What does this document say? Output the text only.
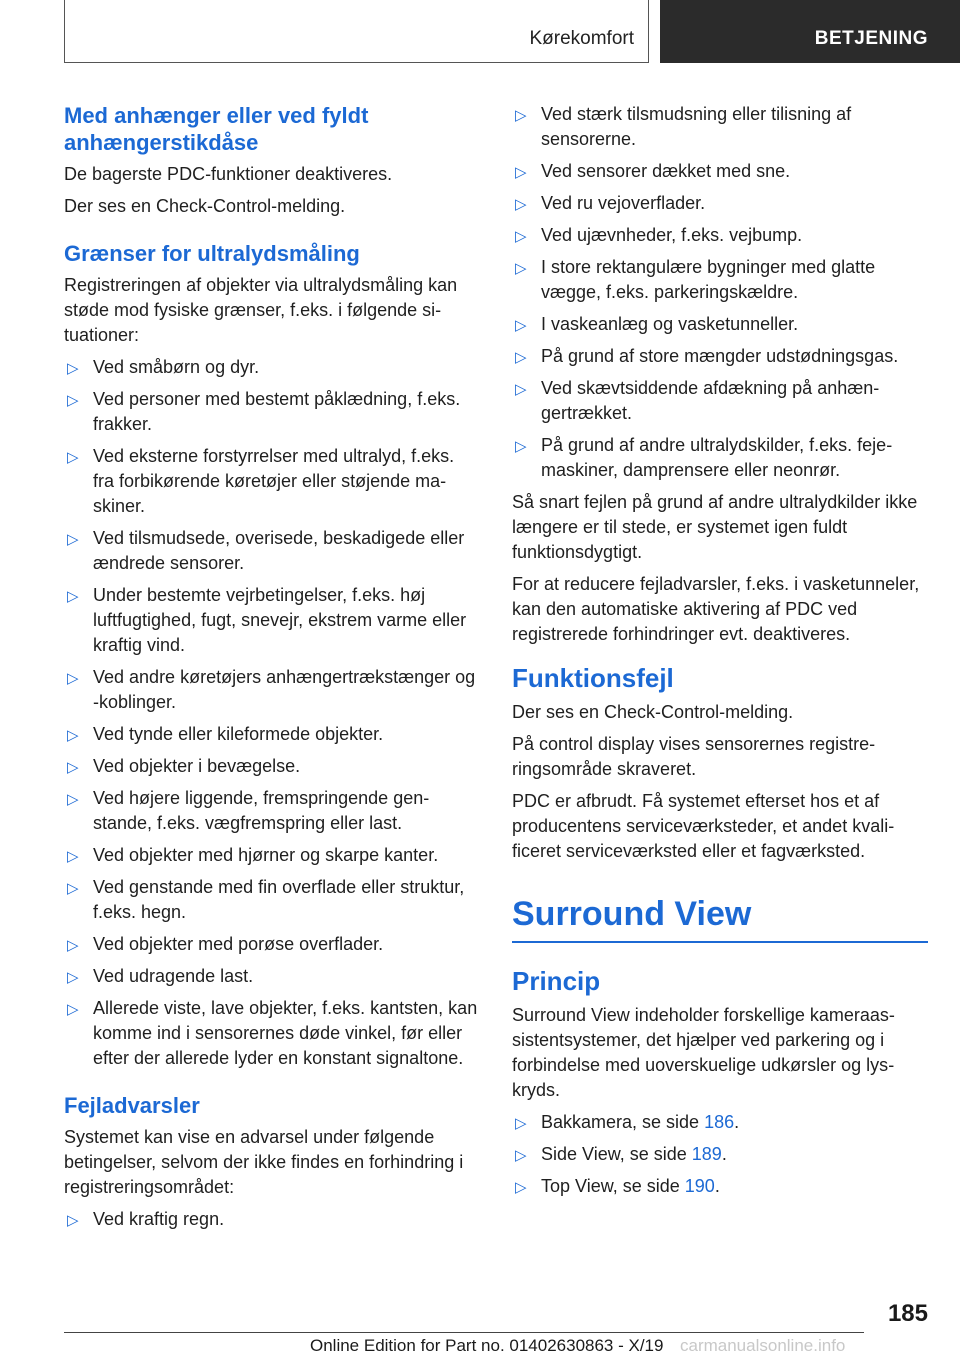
Kørekomfort	BETJENING
Med anhænger eller ved fyldt anhængerstikdåse

De bagerste PDC-funktioner deaktiveres.

Der ses en Check-Control-melding.

Grænser for ultralydsmåling

Registreringen af objekter via ultralydsmåling kan støde mod fysiske grænser, f.eks. i følgende situationer:

▷ Ved småbørn og dyr.
▷ Ved personer med bestemt påklædning, f.eks. frakker.
▷ Ved eksterne forstyrrelser med ultralyd, f.eks. fra forbikørende køretøjer eller støjende maskiner.
▷ Ved tilsmudsede, overisede, beskadigede eller ændrede sensorer.
▷ Under bestemte vejrbetingelser, f.eks. høj luftfugtighed, fugt, snevejr, ekstrem varme eller kraftig vind.
▷ Ved andre køretøjers anhængertrækstænger og -koblinger.
▷ Ved tynde eller kileformede objekter.
▷ Ved objekter i bevægelse.
▷ Ved højere liggende, fremspringende genstande, f.eks. vægfremspring eller last.
▷ Ved objekter med hjørner og skarpe kanter.
▷ Ved genstande med fin overflade eller struktur, f.eks. hegn.
▷ Ved objekter med porøse overflader.
▷ Ved udragende last.
▷ Allerede viste, lave objekter, f.eks. kantsten, kan komme ind i sensorernes døde vinkel, før eller efter der allerede lyder en konstant signaltone.
Fejladvarsler

Systemet kan vise en advarsel under følgende betingelser, selvom der ikke findes en forhindring i registreringsområdet:

▷ Ved kraftig regn.
▷ Ved stærk tilsmudsning eller tilisning af sensorerne.
▷ Ved sensorer dækket med sne.
▷ Ved ru vejoverflader.
▷ Ved ujævnheder, f.eks. vejbump.
▷ I store rektangulære bygninger med glatte vægge, f.eks. parkeringskældre.
▷ I vaskeanlæg og vasketunneller.
▷ På grund af store mængder udstødningsgas.
▷ Ved skævtsiddende afdækning på anhængertrækket.
▷ På grund af andre ultralydskilder, f.eks. fejemaskiner, damprensere eller neonrør.

Så snart fejlen på grund af andre ultralydkilder ikke længere er til stede, er systemet igen fuldt funktionsdygtigt.

For at reducere fejladvarsler, f.eks. i vasketunneler, kan den automatiske aktivering af PDC ved registrerede forhindringer evt. deaktiveres.

Funktionsfejl

Der ses en Check-Control-melding.

På control display vises sensorernes registreringsområde skraveret.

PDC er afbrudt. Få systemet efterset hos et af producentens serviceværksteder, et andet kvalificeret serviceværksted eller et fagværksted.

Surround View
Princip

Surround View indeholder forskellige kameraassistentsystemer, det hjælper ved parkering og i forbindelse med uoverskuelige udkørsler og lyskryds.

▷ Bakkamera, se side 186.
▷ Side View, se side 189.
▷ Top View, se side 190.
185
Online Edition for Part no. 01402630863 - X/19 carmanualsonline.info
